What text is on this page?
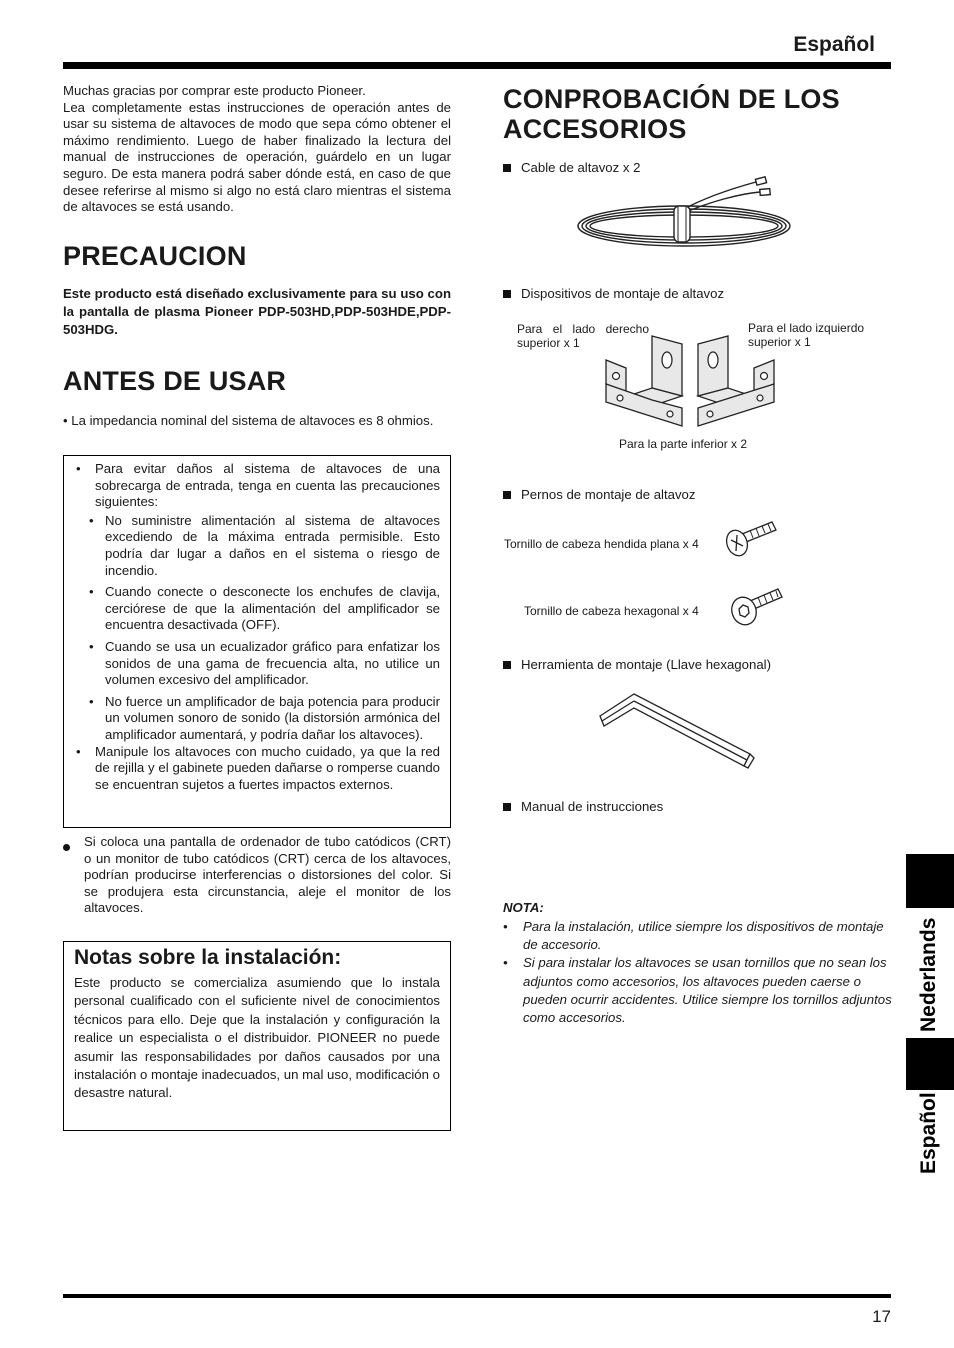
Español
17
Nederlands
Español
Muchas gracias por comprar este producto Pioneer.
Lea completamente estas instrucciones de operación antes de usar su sistema de altavoces de modo que sepa cómo obtener el máximo rendimiento. Luego de haber finalizado la lectura del manual de instrucciones de operación, guárdelo en un lugar seguro. De esta manera podrá saber dónde está, en caso de que desee referirse al mismo si algo no está claro mientras el sistema de altavoces se está usando.
PRECAUCION
Este producto está diseñado exclusivamente para su uso con la pantalla de plasma Pioneer PDP-503HD,PDP-503HDE,PDP-503HDG.
ANTES DE USAR
• La impedancia nominal del sistema de altavoces es 8 ohmios.
•	Para evitar daños al sistema de altavoces de una sobrecarga de entrada, tenga en cuenta las precauciones siguientes:
• No suministre alimentación al sistema de altavoces excediendo de la máxima entrada permisible. Esto podría dar lugar a daños en el sistema o riesgo de incendio.
• Cuando conecte o desconecte los enchufes de clavija, cerciórese de que la alimentación del amplificador se encuentra desactivada (OFF).
• Cuando se usa un ecualizador gráfico para enfatizar los sonidos de una gama de frecuencia alta, no utilice un volumen excesivo del amplificador.
• No fuerce un amplificador de baja potencia para producir un volumen sonoro de sonido (la distorsión armónica del amplificador aumentará, y podría dañar los altavoces).
•	Manipule los altavoces con mucho cuidado, ya que la red de rejilla y el gabinete pueden dañarse o romperse cuando se encuentran sujetos a fuertes impactos externos.
Si coloca una pantalla de ordenador de tubo catódicos (CRT) o un monitor de tubo catódicos (CRT) cerca de los altavoces, podrían producirse interferencias o distorsiones del color. Si se produjera esta circunstancia, aleje el monitor de los altavoces.
Notas sobre la instalación:
Este producto se comercializa asumiendo que lo instala personal cualificado con el suficiente nivel de conocimientos técnicos para ello. Deje que la instalación y configuración la realice un especialista o el distribuidor. PIONEER no puede asumir las responsabilidades por daños causados por una instalación o montaje inadecuados, un mal uso, modificación o desastre natural.
CONPROBACIÓN DE LOS ACCESORIOS
Cable de altavoz x 2
Dispositivos de montaje de altavoz
Para el lado derecho superior x 1
Para el lado izquierdo superior x 1
Para la parte inferior x 2
Pernos de montaje de altavoz
Tornillo de cabeza hendida plana x 4
Tornillo de cabeza hexagonal x 4
Herramienta de montaje (Llave hexagonal)
Manual de instrucciones
NOTA:
•	Para la instalación, utilice siempre los dispositivos de montaje de accesorio.
•	Si para instalar los altavoces se usan tornillos que no sean los adjuntos como accesorios, los altavoces pueden caerse o pueden ocurrir accidentes. Utilice siempre los tornillos adjuntos como accesorios.
